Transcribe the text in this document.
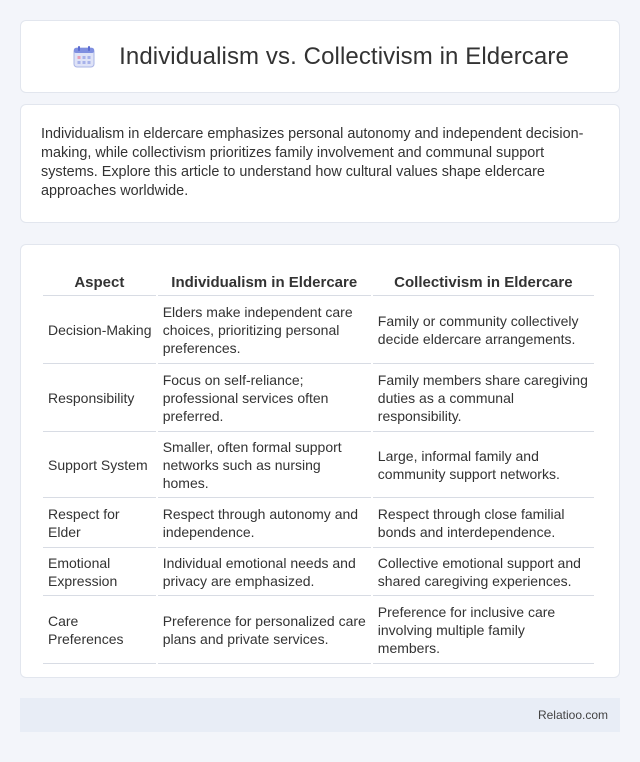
Individualism vs. Collectivism in Eldercare

Individualism in eldercare emphasizes personal autonomy and independent decision-making, while collectivism prioritizes family involvement and communal support systems. Explore this article to understand how cultural values shape eldercare approaches worldwide.

Aspect	Individualism in Eldercare	Collectivism in Eldercare
Decision-Making	Elders make independent care choices, prioritizing personal preferences.	Family or community collectively decide eldercare arrangements.
Responsibility	Focus on self-reliance; professional services often preferred.	Family members share caregiving duties as a communal responsibility.
Support System	Smaller, often formal support networks such as nursing homes.	Large, informal family and community support networks.
Respect for Elder	Respect through autonomy and independence.	Respect through close familial bonds and interdependence.
Emotional Expression	Individual emotional needs and privacy are emphasized.	Collective emotional support and shared caregiving experiences.
Care Preferences	Preference for personalized care plans and private services.	Preference for inclusive care involving multiple family members.
Relatioo.com
